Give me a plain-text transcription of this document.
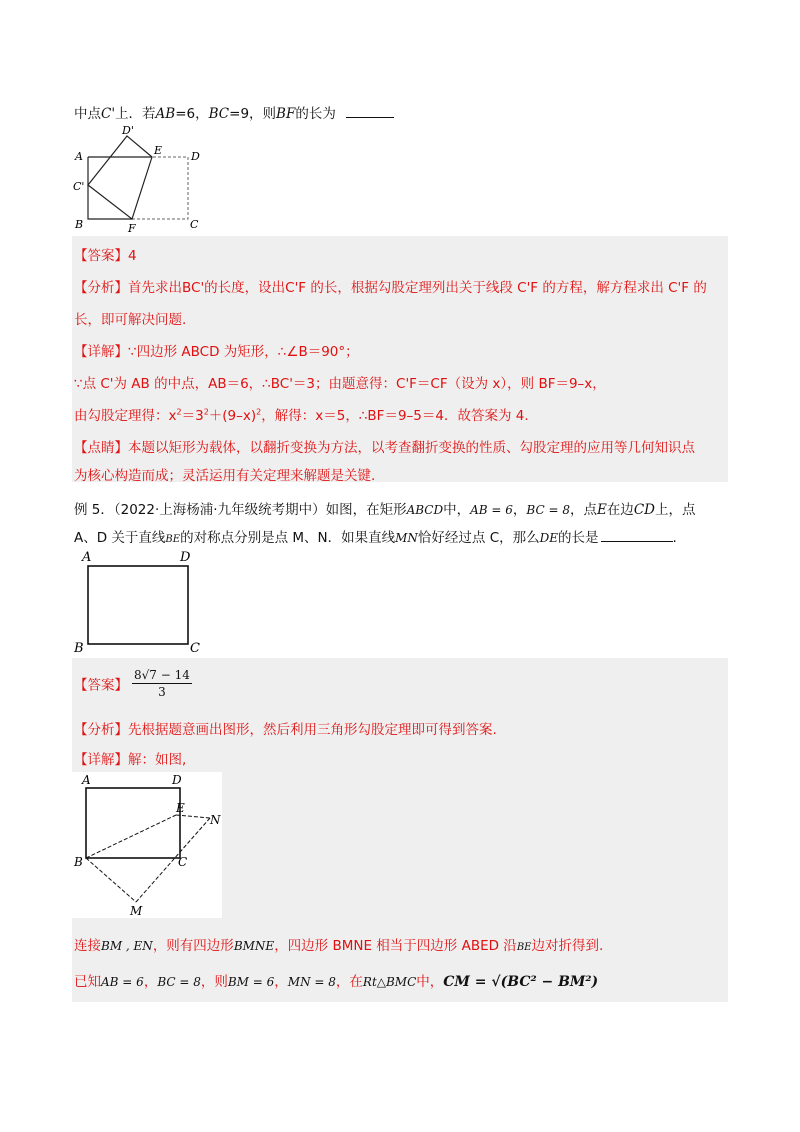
中点C'上．若AB=6，BC=9，则BF的长为
D'
A	E	D
C'
B	F	C
【答案】4
【分析】首先求出BC'的长度，设出C'F 的长，根据勾股定理列出关于线段 C'F 的方程，解方程求出 C'F 的
长，即可解决问题.
【详解】∵四边形 ABCD 为矩形，∴∠B＝90°；
∵点 C'为 AB 的中点，AB＝6，∴BC'＝3；由题意得：C'F＝CF（设为 x），则 BF＝9–x，
由勾股定理得：$x^2=3^2+(9-x)^2$，解得：x＝5，∴BF＝9–5＝4．故答案为 4.
【点睛】本题以矩形为载体，以翻折变换为方法，以考查翻折变换的性质、勾股定理的应用等几何知识点
为核心构造而成；灵活运用有关定理来解题是关键.
例 5．（2022·上海杨浦·九年级统考期中）如图，在矩形ABCD中，AB = 6，BC = 8，点E在边CD上，点
A、D 关于直线BE的对称点分别是点 M、N．如果直线MN恰好经过点 C，那么DE的长是	.
A	D
B	C
【答案】 $\frac{8√7 - 14}{3}$
【分析】先根据题意画出图形，然后利用三角形勾股定理即可得到答案.
【详解】解：如图,
A	D
E
N
B	C
M
连接BM , EN，则有四边形BMNE，四边形 BMNE 相当于四边形 ABED 沿BE边对折得到.
已知AB = 6，BC = 8，则BM = 6，MN = 8，在Rt△BMC中，CM = √(BC² − BM²)
